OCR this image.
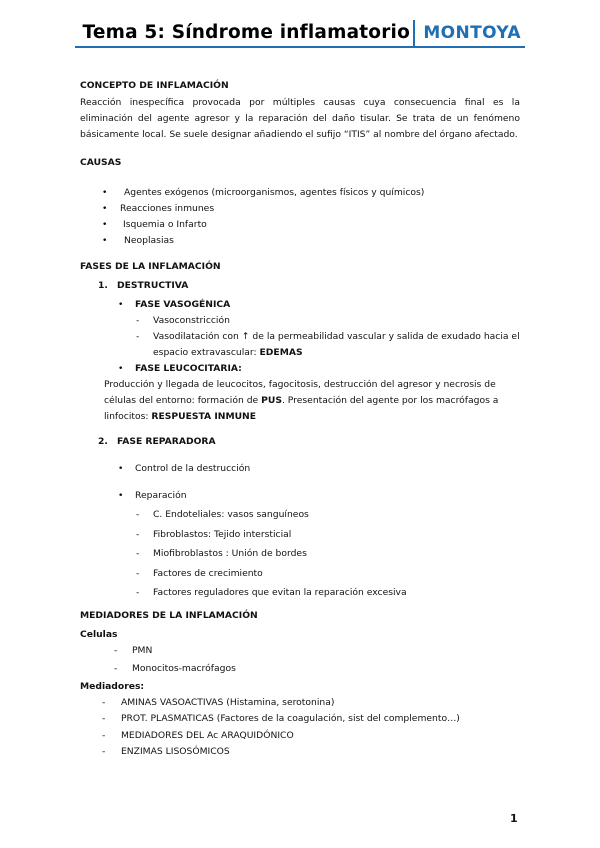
Tema 5: Síndrome inflamatorio MONTOYA
CONCEPTO DE INFLAMACIÓN
Reacción inespecífica provocada por múltiples causas cuya consecuencia final es la eliminación del agente agresor y la reparación del daño tisular. Se trata de un fenómeno básicamente local. Se suele designar añadiendo el sufijo “ITIS” al nombre del órgano afectado.
CAUSAS
• Agentes exógenos (microorganismos, agentes físicos y químicos)
• Reacciones inmunes
• Isquemia o Infarto
• Neoplasias
FASES DE LA INFLAMACIÓN
1. DESTRUCTIVA
• FASE VASOGÉNICA
- Vasoconstricción
- Vasodilatación con ↑ de la permeabilidad vascular y salida de exudado hacia el
espacio extravascular: EDEMAS
• FASE LEUCOCITARIA:
Producción y llegada de leucocitos, fagocitosis, destrucción del agresor y necrosis de
células del entorno: formación de PUS. Presentación del agente por los macrófagos a
linfocitos: RESPUESTA INMUNE
2. FASE REPARADORA
• Control de la destrucción
• Reparación
- C. Endoteliales: vasos sanguíneos
- Fibroblastos: Tejido intersticial
- Miofibroblastos : Unión de bordes
- Factores de crecimiento
- Factores reguladores que evitan la reparación excesiva
MEDIADORES DE LA INFLAMACIÓN
Celulas
- PMN
- Monocitos-macrófagos
Mediadores:
- AMINAS VASOACTIVAS (Histamina, serotonina)
- PROT. PLASMATICAS (Factores de la coagulación, sist del complemento…)
- MEDIADORES DEL Ac ARAQUIDÓNICO
- ENZIMAS LISOSÓMICOS
1
